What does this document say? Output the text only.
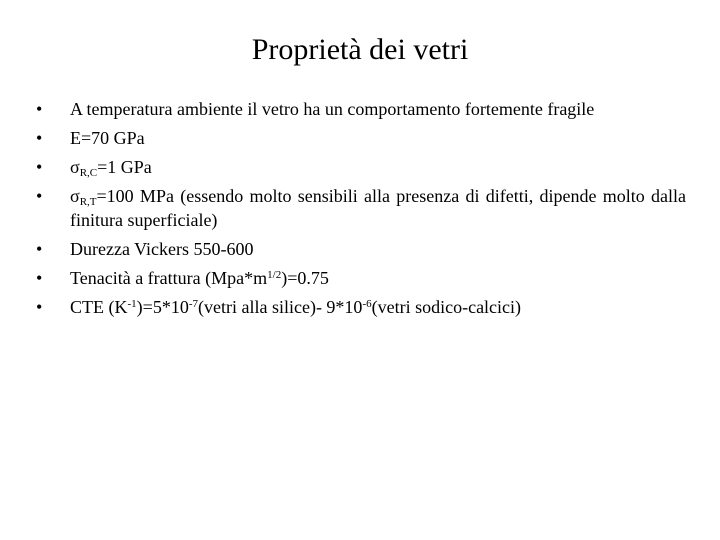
Proprietà dei vetri
•	A temperatura ambiente il vetro ha un comportamento fortemente fragile
•	E=70 GPa
•	$\sigma_{R,C}=1$ GPa
•	$\sigma_{R,T}=100$ MPa (essendo molto sensibili alla presenza di difetti, dipende molto dalla finitura superficiale)
•	Durezza Vickers 550-600
•	Tenacità a frattura $(Mpa*m^{1/2})=0.75$
•	CTE $(K^{-1})=5*10^{-7}(vetri$ alla silice)- $9*10^{-6}(vetri$ sodico-calcici)
